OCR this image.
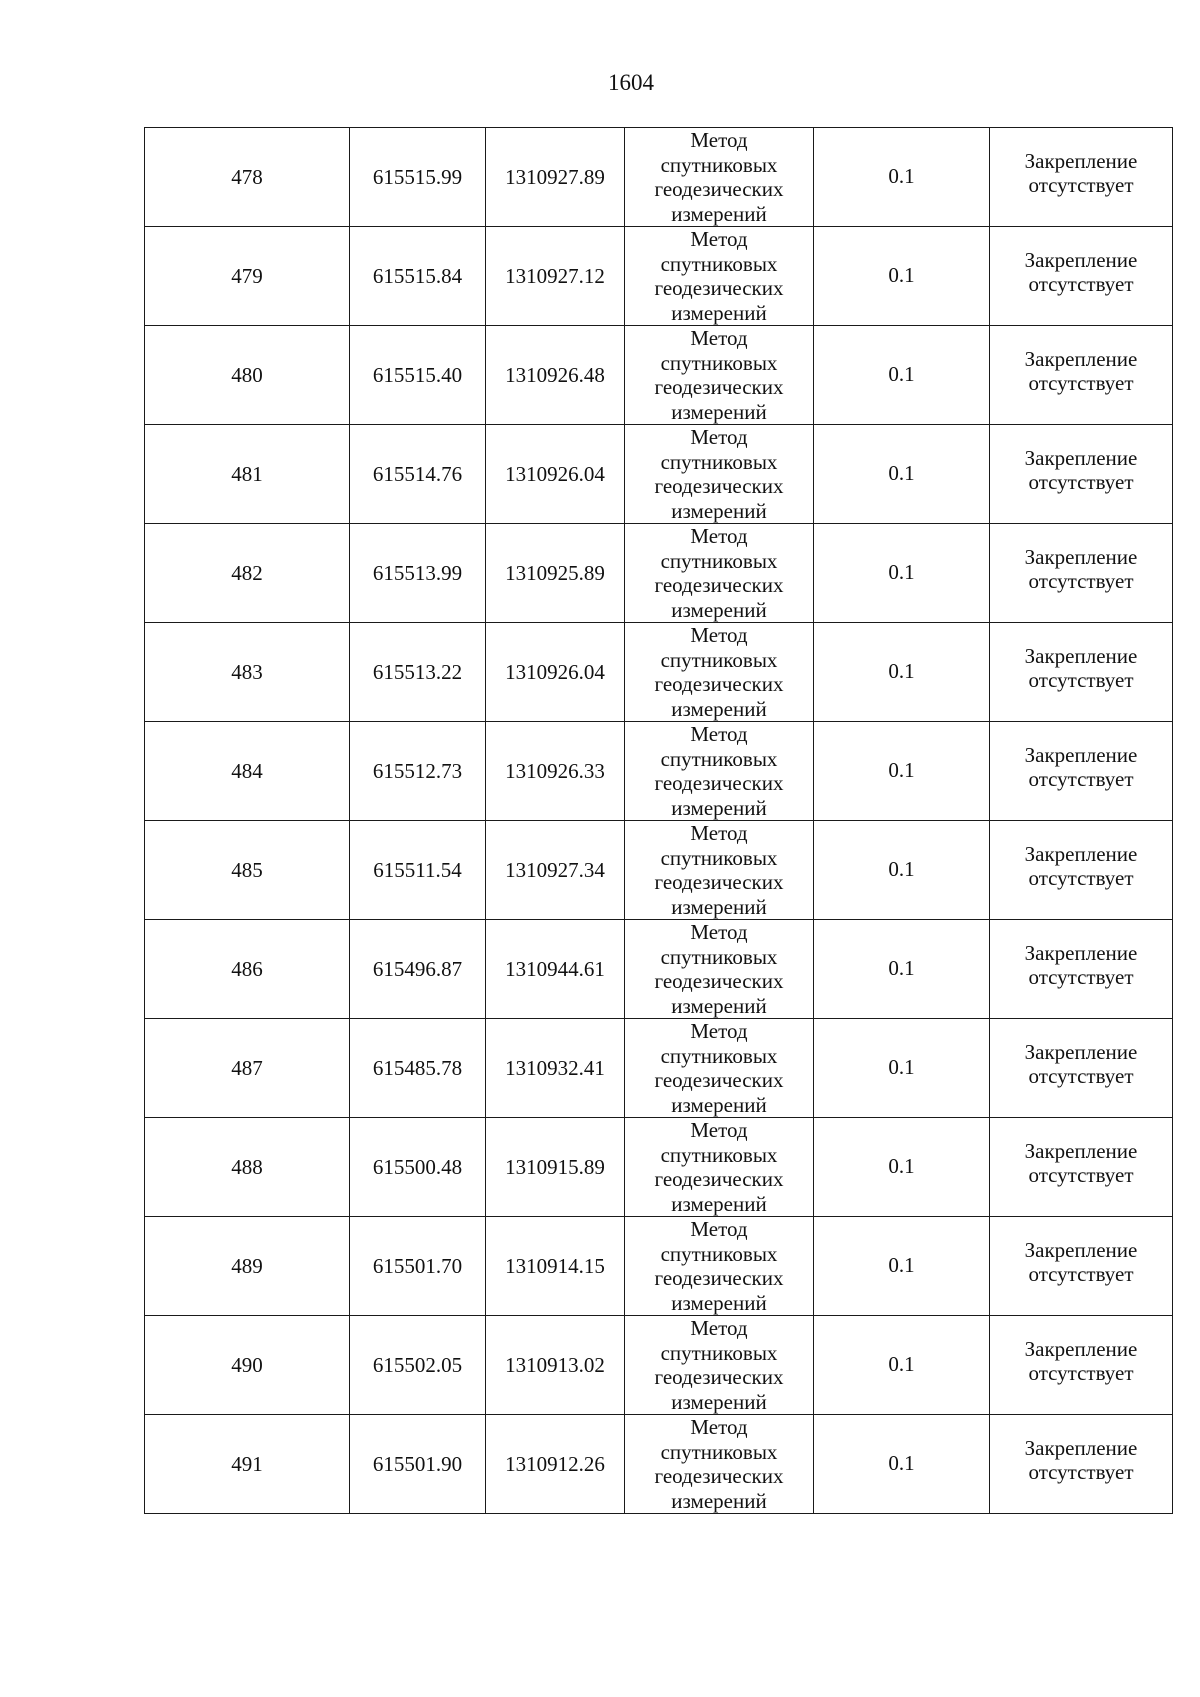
1604
478	615515.99	1310927.89	Метод
спутниковых
геодезических
измерений	0.1	Закрепление
отсутствует

479	615515.84	1310927.12	Метод
спутниковых
геодезических
измерений	0.1	Закрепление
отсутствует

480	615515.40	1310926.48	Метод
спутниковых
геодезических
измерений	0.1	Закрепление
отсутствует

481	615514.76	1310926.04	Метод
спутниковых
геодезических
измерений	0.1	Закрепление
отсутствует

482	615513.99	1310925.89	Метод
спутниковых
геодезических
измерений	0.1	Закрепление
отсутствует

483	615513.22	1310926.04	Метод
спутниковых
геодезических
измерений	0.1	Закрепление
отсутствует

484	615512.73	1310926.33	Метод
спутниковых
геодезических
измерений	0.1	Закрепление
отсутствует

485	615511.54	1310927.34	Метод
спутниковых
геодезических
измерений	0.1	Закрепление
отсутствует

486	615496.87	1310944.61	Метод
спутниковых
геодезических
измерений	0.1	Закрепление
отсутствует

487	615485.78	1310932.41	Метод
спутниковых
геодезических
измерений	0.1	Закрепление
отсутствует

488	615500.48	1310915.89	Метод
спутниковых
геодезических
измерений	0.1	Закрепление
отсутствует

489	615501.70	1310914.15	Метод
спутниковых
геодезических
измерений	0.1	Закрепление
отсутствует

490	615502.05	1310913.02	Метод
спутниковых
геодезических
измерений	0.1	Закрепление
отсутствует

491	615501.90	1310912.26	Метод
спутниковых
геодезических
измерений	0.1	Закрепление
отсутствует
